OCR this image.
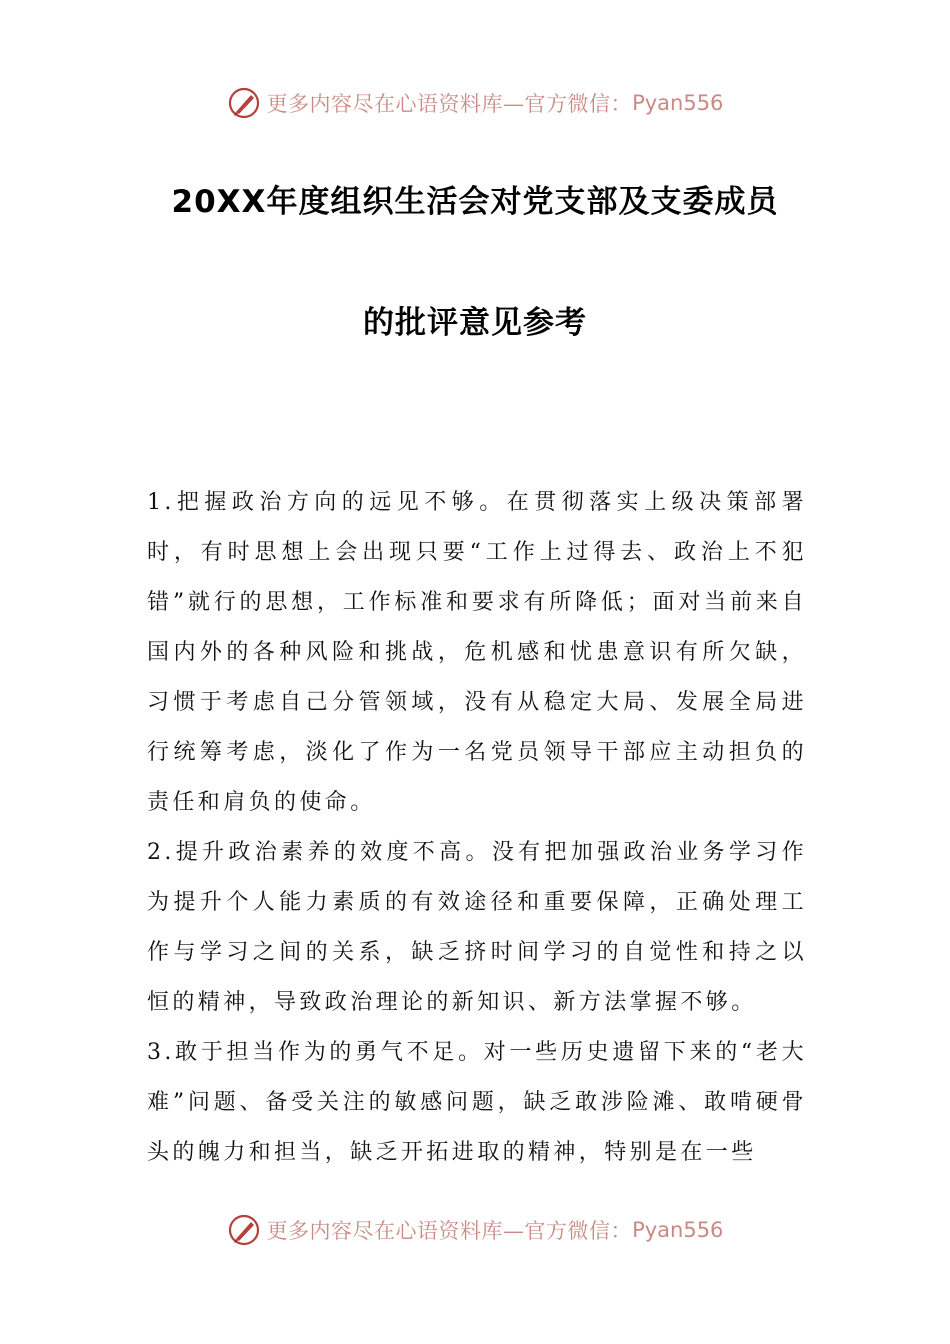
更多内容尽在心语资料库—官方微信： Pyan556
20XX年度组织生活会对党支部及支委成员
的批评意见参考

1.把握政治方向的远见不够。在贯彻落实上级决策部署时，有时思想上会出现只要“工作上过得去、政治上不犯错”就行的思想，工作标准和要求有所降低；面对当前来自国内外的各种风险和挑战，危机感和忧患意识有所欠缺，习惯于考虑自己分管领域，没有从稳定大局、发展全局进行统筹考虑，淡化了作为一名党员领导干部应主动担负的责任和肩负的使命。

2.提升政治素养的效度不高。没有把加强政治业务学习作为提升个人能力素质的有效途径和重要保障，正确处理工作与学习之间的关系，缺乏挤时间学习的自觉性和持之以恒的精神，导致政治理论的新知识、新方法掌握不够。

3.敢于担当作为的勇气不足。对一些历史遗留下来的“老大难”问题、备受关注的敏感问题，缺乏敢涉险滩、敢啃硬骨头的魄力和担当，缺乏开拓进取的精神，特别是在一些

更多内容尽在心语资料库—官方微信： Pyan556
